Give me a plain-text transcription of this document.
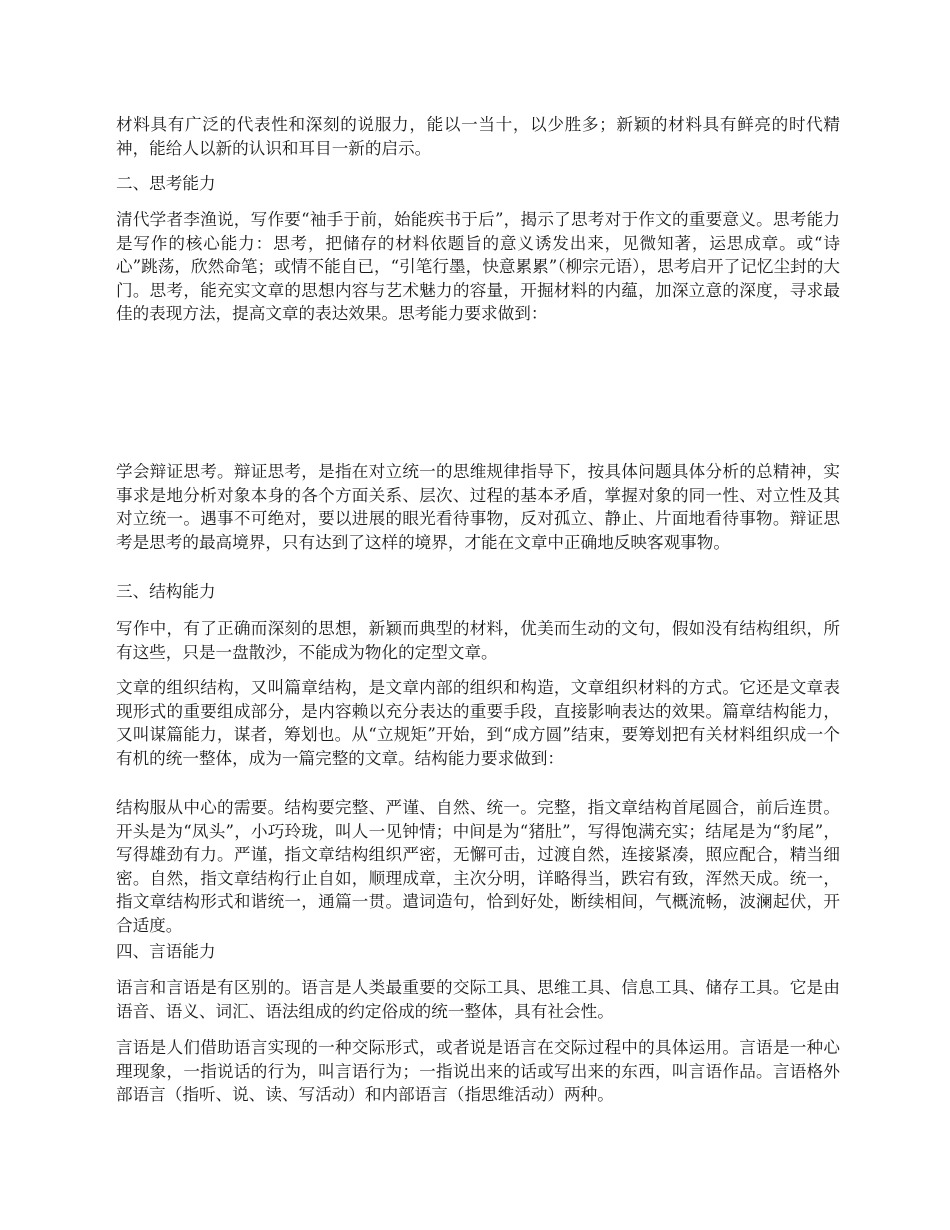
材料具有广泛的代表性和深刻的说服力，能以一当十，以少胜多；新颖的材料具有鲜亮的时代精神，能给人以新的认识和耳目一新的启示。

二、思考能力

清代学者李渔说，写作要“袖手于前，始能疾书于后”，揭示了思考对于作文的重要意义。思考能力是写作的核心能力：思考，把储存的材料依题旨的意义诱发出来，见微知著，运思成章。或“诗心”跳荡，欣然命笔；或情不能自已，“引笔行墨，快意累累”（柳宗元语），思考启开了记忆尘封的大门。思考，能充实文章的思想内容与艺术魅力的容量，开掘材料的内蕴，加深立意的深度，寻求最佳的表现方法，提高文章的表达效果。思考能力要求做到：

学会辩证思考。辩证思考，是指在对立统一的思维规律指导下，按具体问题具体分析的总精神，实事求是地分析对象本身的各个方面关系、层次、过程的基本矛盾，掌握对象的同一性、对立性及其对立统一。遇事不可绝对，要以进展的眼光看待事物，反对孤立、静止、片面地看待事物。辩证思考是思考的最高境界，只有达到了这样的境界，才能在文章中正确地反映客观事物。

三、结构能力

写作中，有了正确而深刻的思想，新颖而典型的材料，优美而生动的文句，假如没有结构组织，所有这些，只是一盘散沙，不能成为物化的定型文章。

文章的组织结构，又叫篇章结构，是文章内部的组织和构造，文章组织材料的方式。它还是文章表现形式的重要组成部分，是内容赖以充分表达的重要手段，直接影响表达的效果。篇章结构能力，又叫谋篇能力，谋者，筹划也。从“立规矩”开始，到“成方圆”结束，要筹划把有关材料组织成一个有机的统一整体，成为一篇完整的文章。结构能力要求做到：

结构服从中心的需要。结构要完整、严谨、自然、统一。完整，指文章结构首尾圆合，前后连贯。开头是为“凤头”，小巧玲珑，叫人一见钟情；中间是为“猪肚”，写得饱满充实；结尾是为“豹尾”，写得雄劲有力。严谨，指文章结构组织严密，无懈可击，过渡自然，连接紧凑，照应配合，精当细密。自然，指文章结构行止自如，顺理成章，主次分明，详略得当，跌宕有致，浑然天成。统一，指文章结构形式和谐统一，通篇一贯。遣词造句，恰到好处，断续相间，气概流畅，波澜起伏，开合适度。

四、言语能力

语言和言语是有区别的。语言是人类最重要的交际工具、思维工具、信息工具、储存工具。它是由语音、语义、词汇、语法组成的约定俗成的统一整体，具有社会性。

言语是人们借助语言实现的一种交际形式，或者说是语言在交际过程中的具体运用。言语是一种心理现象，一指说话的行为，叫言语行为；一指说出来的话或写出来的东西，叫言语作品。言语格外部语言（指听、说、读、写活动）和内部语言（指思维活动）两种。
